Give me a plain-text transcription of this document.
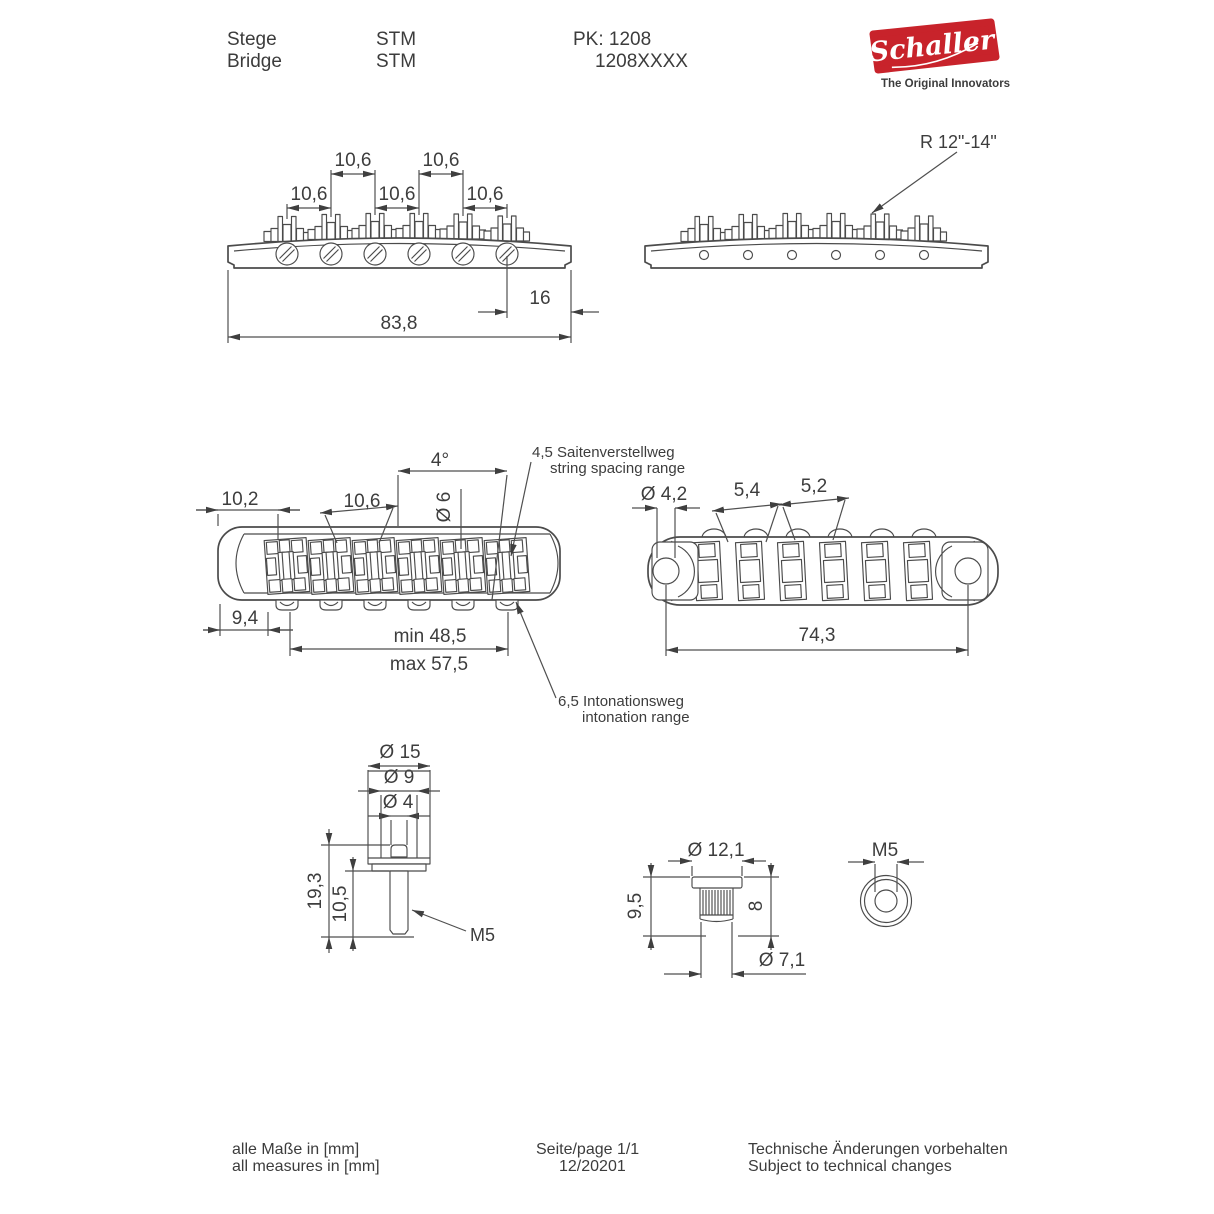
Stege
Bridge
STM
STM
PK: 1208
1208XXXX	Schaller
The Original Innovators
10,6	10,6
10,6	10,6	10,6
16
83,8
R 12"-14"
10,2	10,6
4°
Ø 6
9,4
min 48,5
max 57,5
4,5 Saitenverstellweg
string spacing range
6,5 Intonationsweg
intonation range
Ø 4,2 5,4 5,2
74,3
Ø 15
Ø 9
Ø 4
19,3 10,5
M5
Ø 12,1
Ø 7,1
9,5	8
M5
alle Maße in [mm]
all measures in [mm]
Seite/page 1/1
12/20201
Technische Änderungen vorbehalten
Subject to technical changes
